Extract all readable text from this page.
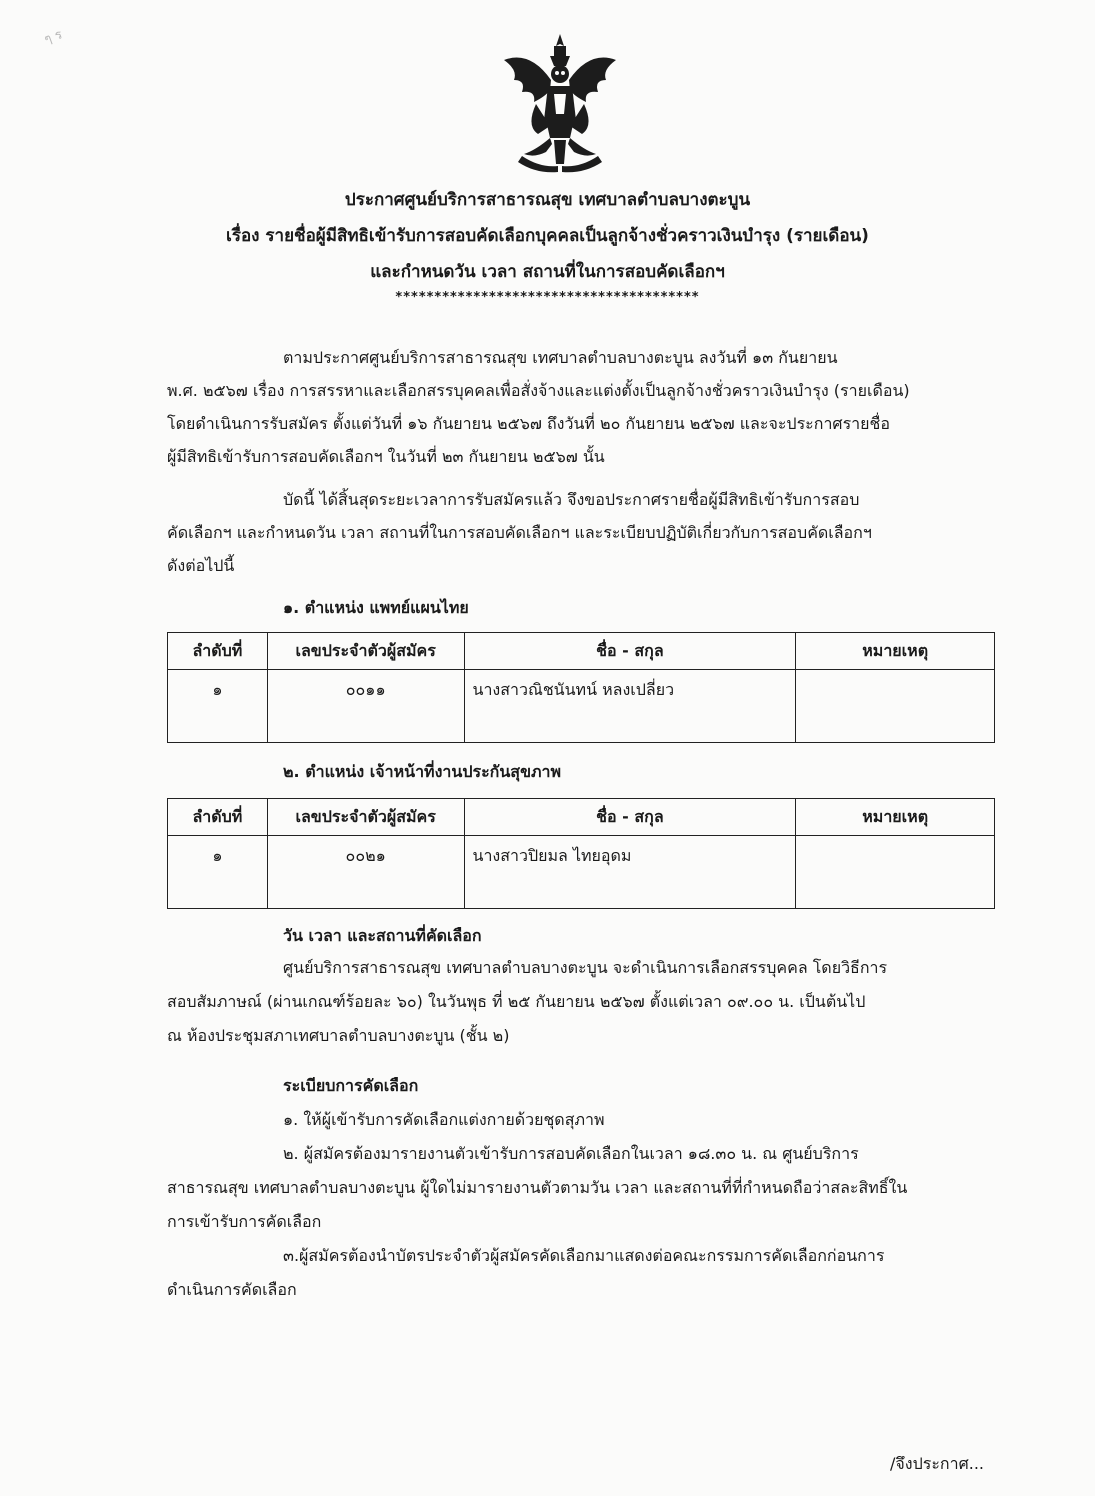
ๆ ร
ประกาศศูนย์บริการสาธารณสุข เทศบาลตำบลบางตะบูน
เรื่อง รายชื่อผู้มีสิทธิเข้ารับการสอบคัดเลือกบุคคลเป็นลูกจ้างชั่วคราวเงินบำรุง (รายเดือน)
และกำหนดวัน เวลา สถานที่ในการสอบคัดเลือกฯ
***************************************
ตามประกาศศูนย์บริการสาธารณสุข เทศบาลตำบลบางตะบูน ลงวันที่ ๑๓ กันยายน
พ.ศ. ๒๕๖๗ เรื่อง การสรรหาและเลือกสรรบุคคลเพื่อสั่งจ้างและแต่งตั้งเป็นลูกจ้างชั่วคราวเงินบำรุง (รายเดือน)
โดยดำเนินการรับสมัคร ตั้งแต่วันที่ ๑๖ กันยายน ๒๕๖๗ ถึงวันที่ ๒๐ กันยายน ๒๕๖๗ และจะประกาศรายชื่อ
ผู้มีสิทธิเข้ารับการสอบคัดเลือกฯ ในวันที่ ๒๓ กันยายน ๒๕๖๗ นั้น
บัดนี้ ได้สิ้นสุดระยะเวลาการรับสมัครแล้ว จึงขอประกาศรายชื่อผู้มีสิทธิเข้ารับการสอบ
คัดเลือกฯ และกำหนดวัน เวลา สถานที่ในการสอบคัดเลือกฯ และระเบียบปฏิบัติเกี่ยวกับการสอบคัดเลือกฯ
ดังต่อไปนี้
๑. ตำแหน่ง แพทย์แผนไทย
ลำดับที่	เลขประจำตัวผู้สมัคร	ชื่อ - สกุล	หมายเหตุ
๑	๐๐๑๑	นางสาวณิชนันทน์ หลงเปลี่ยว	
๒. ตำแหน่ง เจ้าหน้าที่งานประกันสุขภาพ
ลำดับที่	เลขประจำตัวผู้สมัคร	ชื่อ - สกุล	หมายเหตุ
๑	๐๐๒๑	นางสาวปิยมล ไทยอุดม	
วัน เวลา และสถานที่คัดเลือก
ศูนย์บริการสาธารณสุข เทศบาลตำบลบางตะบูน จะดำเนินการเลือกสรรบุคคล โดยวิธีการ
สอบสัมภาษณ์ (ผ่านเกณฑ์ร้อยละ ๖๐) ในวันพุธ ที่ ๒๕ กันยายน ๒๕๖๗ ตั้งแต่เวลา ๐๙.๐๐ น. เป็นต้นไป
ณ ห้องประชุมสภาเทศบาลตำบลบางตะบูน (ชั้น ๒)
ระเบียบการคัดเลือก
๑. ให้ผู้เข้ารับการคัดเลือกแต่งกายด้วยชุดสุภาพ
๒. ผู้สมัครต้องมารายงานตัวเข้ารับการสอบคัดเลือกในเวลา ๑๘.๓๐ น. ณ ศูนย์บริการ
สาธารณสุข เทศบาลตำบลบางตะบูน ผู้ใดไม่มารายงานตัวตามวัน เวลา และสถานที่ที่กำหนดถือว่าสละสิทธิ์ใน
การเข้ารับการคัดเลือก
๓.ผู้สมัครต้องนำบัตรประจำตัวผู้สมัครคัดเลือกมาแสดงต่อคณะกรรมการคัดเลือกก่อนการ
ดำเนินการคัดเลือก
/จึงประกาศ...
